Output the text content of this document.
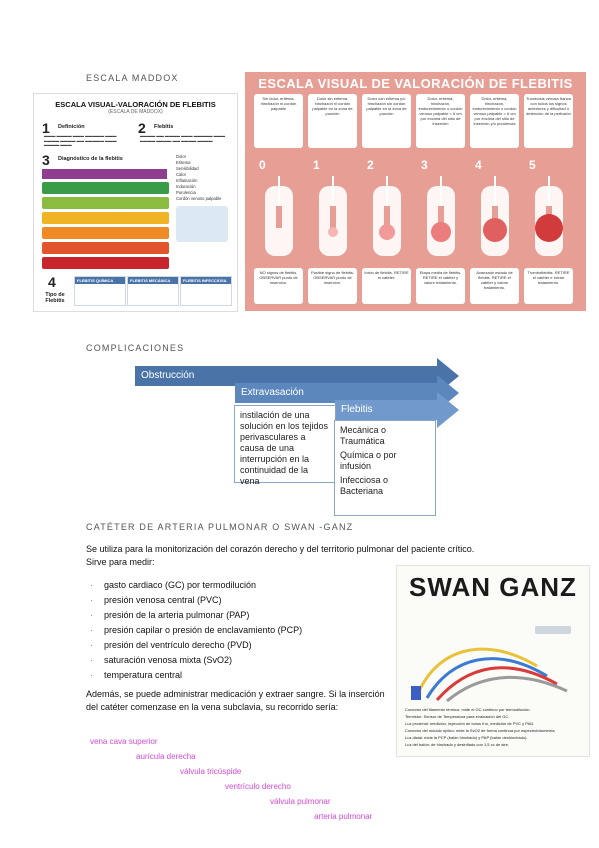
ESCALA MADDOX
ESCALA VISUAL-VALORACIÓN DE FLEBITIS
(ESCALA DE MADDOX)
1 Definición
▬▬▬ ▬▬▬▬ ▬▬▬ ▬▬▬▬▬ ▬▬▬ ▬▬▬▬ ▬▬▬▬ ▬▬ ▬▬▬▬▬ ▬▬▬ ▬▬▬▬ ▬▬▬
2 Flebitis
▬▬▬▬ ▬▬ ▬▬▬▬ ▬▬▬ ▬▬▬▬▬ ▬▬▬ ▬▬▬▬ ▬▬▬▬ ▬▬ ▬▬▬▬ ▬▬▬▬
3 Diagnóstico de la flebitis	Dolor
Eritema
Sensibilidad
Calor
Inflamación
Induración
Purulencia
Cordón venoso palpable
4
Tipo de Flebitis
FLEBITIS QUÍMICA	FLEBITIS MECÁNICA	FLEBITIS INFECCIOSA
ESCALA VISUAL DE VALORACIÓN DE FLEBITIS
Sin dolor, eritema, hinchazón ni cordón palpable
Dolor sin eritema, hinchazón ni cordón palpable en la zona de punción
Dolor con eritema y/o hinchazón sin cordón palpable en la zona de punción
Dolor, eritema, hinchazón, endurecimiento o cordón venoso palpable < 6 cm por encima del sitio de inserción
Dolor, eritema, hinchazón, endurecimiento o cordón venoso palpable > 6 cm por encima del sitio de inserción y/o purulencia
Trombosis venosa franca con todos los signos anteriores y dificultad o detención de la perfusión
0	1	2	3	4	5
NO signos de flebitis. OBSERVAR punto de inserción.
Posible signo de flebitis. OBSERVAR punto de inserción.
Inicio de flebitis. RETIRE el catéter.
Etapa media de flebitis. RETIRE el catéter y valore tratamiento.
Avanzado estado de flebitis. RETIRE el catéter y valore tratamiento.
Tromboflebitis. RETIRE el catéter e iniciar tratamiento.
COMPLICACIONES
Obstrucción
Extravasación
Flebitis
instilación de una solución en los tejidos perivasculares a causa de una interrupción en la continuidad de la vena
Mecánica o Traumática
Química o por infusión
Infecciosa o Bacteriana
CATÉTER DE ARTERIA PULMONAR O SWAN -GANZ
Se utiliza para la monitorización del corazón derecho y del territorio pulmonar del paciente crítico. Sirve para medir:
· gasto cardiaco (GC) por termodilución
· presión venosa central (PVC)
· presión de la arteria pulmonar (PAP)
· presión capilar o presión de enclavamiento (PCP)
· presión del ventrículo derecho (PVD)
· saturación venosa mixta (SvO2)
· temperatura central
Además, se puede administrar medicación y extraer sangre. Si la inserción del catéter comenzase en la vena subclavia, su recorrido sería:
vena cava superior
aurícula derecha
válvula tricúspide
ventrículo derecho
válvula pulmonar
arteria pulmonar
SWAN GANZ
Conector del filamento térmico: mide el GC continuo por termodilución.
Termistor: Sensor de Temperatura para evaluación del GC.
Luz proximal: medición, inyección de bolus frío, medición de PVC y PAD.
Conector del módulo óptico: mide la SvO2 de forma continua por espectrofotometría.
Luz distal: mide la PCP (balón hinchado) y PAP (balón deshinchado).
Luz del balón: de hinchado y desinflado con 1,5 cc de aire.
